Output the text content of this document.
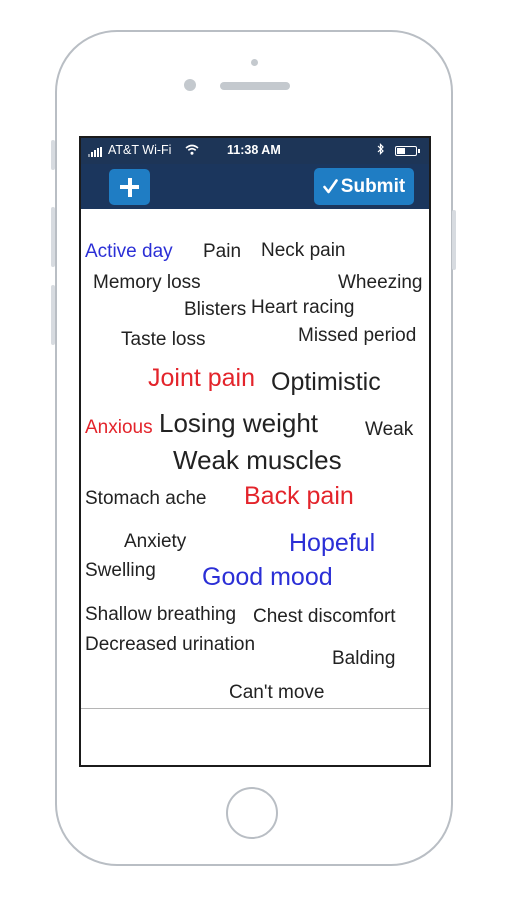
AT&T Wi-Fi	11:38 AM
Submit
Active day Pain Neck pain
Memory loss	Wheezing
Blisters Heart racing
Taste loss	Missed period
Joint pain Optimistic
Anxious Losing weight Weak
Weak muscles
Stomach ache Back pain
Anxiety	Hopeful
Swelling Good mood
Shallow breathing Chest discomfort
Decreased urination
Balding
Can't move
